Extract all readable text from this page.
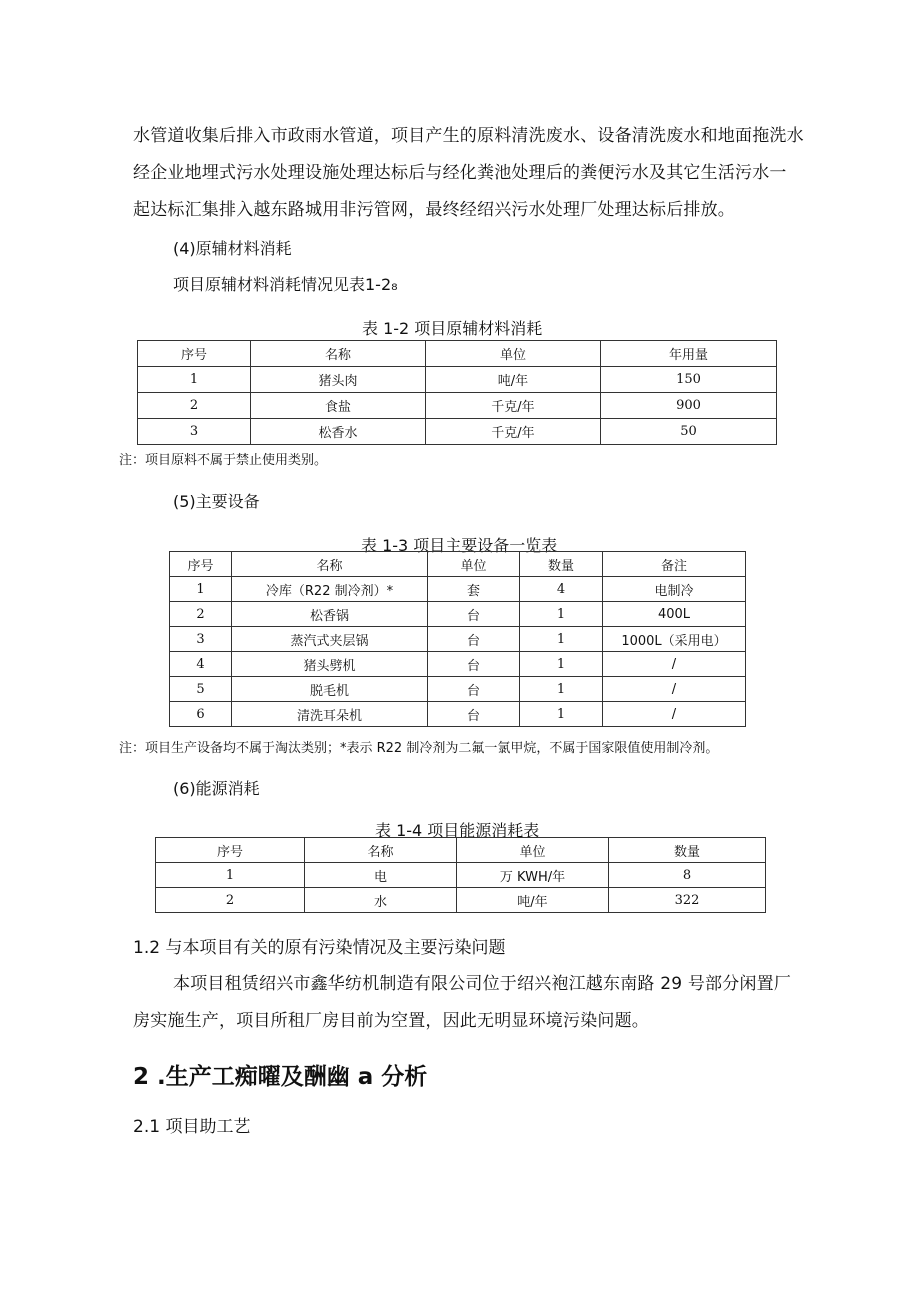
水管道收集后排入市政雨水管道，项目产生的原料清洗废水、设备清洗废水和地面拖洗水
经企业地埋式污水处理设施处理达标后与经化粪池处理后的粪便污水及其它生活污水一
起达标汇集排入越东路城用非污管网，最终经绍兴污水处理厂处理达标后排放。
(4)原辅材料消耗
项目原辅材料消耗情况见表1-2₈
表 1-2 项目原辅材料消耗
序号	名称	单位	年用量
1	猪头肉	吨/年	150
2	食盐	千克/年	900
3	松香水	千克/年	50
注：项目原料不属于禁止使用类别。
(5)主要设备
表 1-3 项目主要设备一览表
序号	名称	单位	数量	备注
1	冷库（R22 制冷剂）*	套	4	电制冷
2	松香锅	台	1	400L
3	蒸汽式夹层锅	台	1	1000L（采用电）
4	猪头劈机	台	1	/
5	脱毛机	台	1	/
6	清洗耳朵机	台	1	/
注：项目生产设备均不属于淘汰类别；*表示 R22 制冷剂为二氟一氯甲烷，不属于国家限值使用制冷剂。
(6)能源消耗
表 1-4 项目能源消耗表
序号	名称	单位	数量
1	电	万 KWH/年	8
2	水	吨/年	322
1.2 与本项目有关的原有污染情况及主要污染问题
本项目租赁绍兴市鑫华纺机制造有限公司位于绍兴袍江越东南路 29 号部分闲置厂
房实施生产，项目所租厂房目前为空置，因此无明显环境污染问题。
2 .生产工痴曜及酬幽 a 分析
2.1 项目助工艺
